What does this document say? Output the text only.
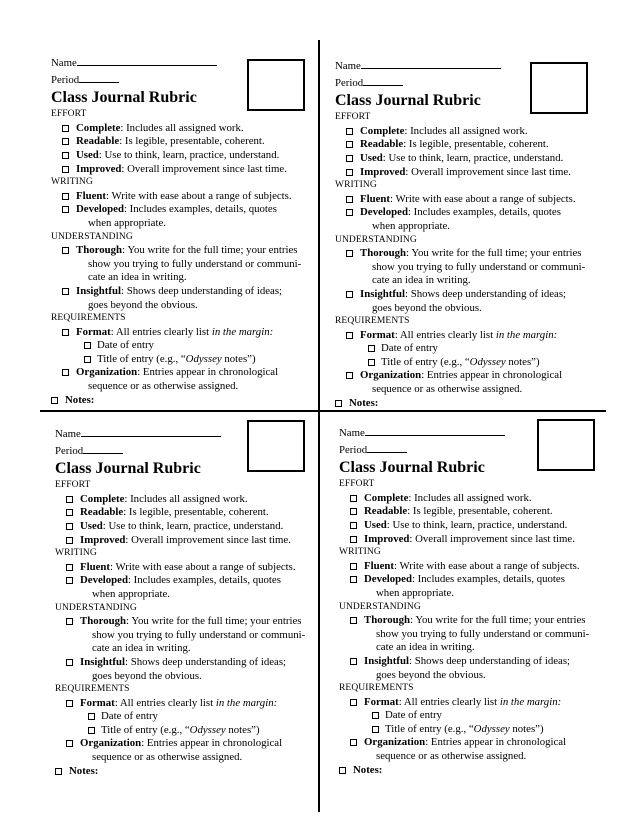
Name
Period
Class Journal Rubric
EFFORT
Complete: Includes all assigned work.
Readable: Is legible, presentable, coherent.
Used: Use to think, learn, practice, understand.
Improved: Overall improvement since last time.
WRITING
Fluent: Write with ease about a range of subjects.
Developed: Includes examples, details, quotes
when appropriate.
UNDERSTANDING
Thorough: You write for the full time; your entries
show you trying to fully understand or communi-
cate an idea in writing.
Insightful: Shows deep understanding of ideas;
goes beyond the obvious.
REQUIREMENTS
Format: All entries clearly list in the margin:
Date of entry
Title of entry (e.g., “Odyssey notes”)
Organization: Entries appear in chronological
sequence or as otherwise assigned.
Notes:
Name
Period
Class Journal Rubric
EFFORT
Complete: Includes all assigned work.
Readable: Is legible, presentable, coherent.
Used: Use to think, learn, practice, understand.
Improved: Overall improvement since last time.
WRITING
Fluent: Write with ease about a range of subjects.
Developed: Includes examples, details, quotes
when appropriate.
UNDERSTANDING
Thorough: You write for the full time; your entries
show you trying to fully understand or communi-
cate an idea in writing.
Insightful: Shows deep understanding of ideas;
goes beyond the obvious.
REQUIREMENTS
Format: All entries clearly list in the margin:
Date of entry
Title of entry (e.g., “Odyssey notes”)
Organization: Entries appear in chronological
sequence or as otherwise assigned.
Notes:
Name
Period
Class Journal Rubric
EFFORT
Complete: Includes all assigned work.
Readable: Is legible, presentable, coherent.
Used: Use to think, learn, practice, understand.
Improved: Overall improvement since last time.
WRITING
Fluent: Write with ease about a range of subjects.
Developed: Includes examples, details, quotes
when appropriate.
UNDERSTANDING
Thorough: You write for the full time; your entries
show you trying to fully understand or communi-
cate an idea in writing.
Insightful: Shows deep understanding of ideas;
goes beyond the obvious.
REQUIREMENTS
Format: All entries clearly list in the margin:
Date of entry
Title of entry (e.g., “Odyssey notes”)
Organization: Entries appear in chronological
sequence or as otherwise assigned.
Notes:
Name
Period
Class Journal Rubric
EFFORT
Complete: Includes all assigned work.
Readable: Is legible, presentable, coherent.
Used: Use to think, learn, practice, understand.
Improved: Overall improvement since last time.
WRITING
Fluent: Write with ease about a range of subjects.
Developed: Includes examples, details, quotes
when appropriate.
UNDERSTANDING
Thorough: You write for the full time; your entries
show you trying to fully understand or communi-
cate an idea in writing.
Insightful: Shows deep understanding of ideas;
goes beyond the obvious.
REQUIREMENTS
Format: All entries clearly list in the margin:
Date of entry
Title of entry (e.g., “Odyssey notes”)
Organization: Entries appear in chronological
sequence or as otherwise assigned.
Notes:
